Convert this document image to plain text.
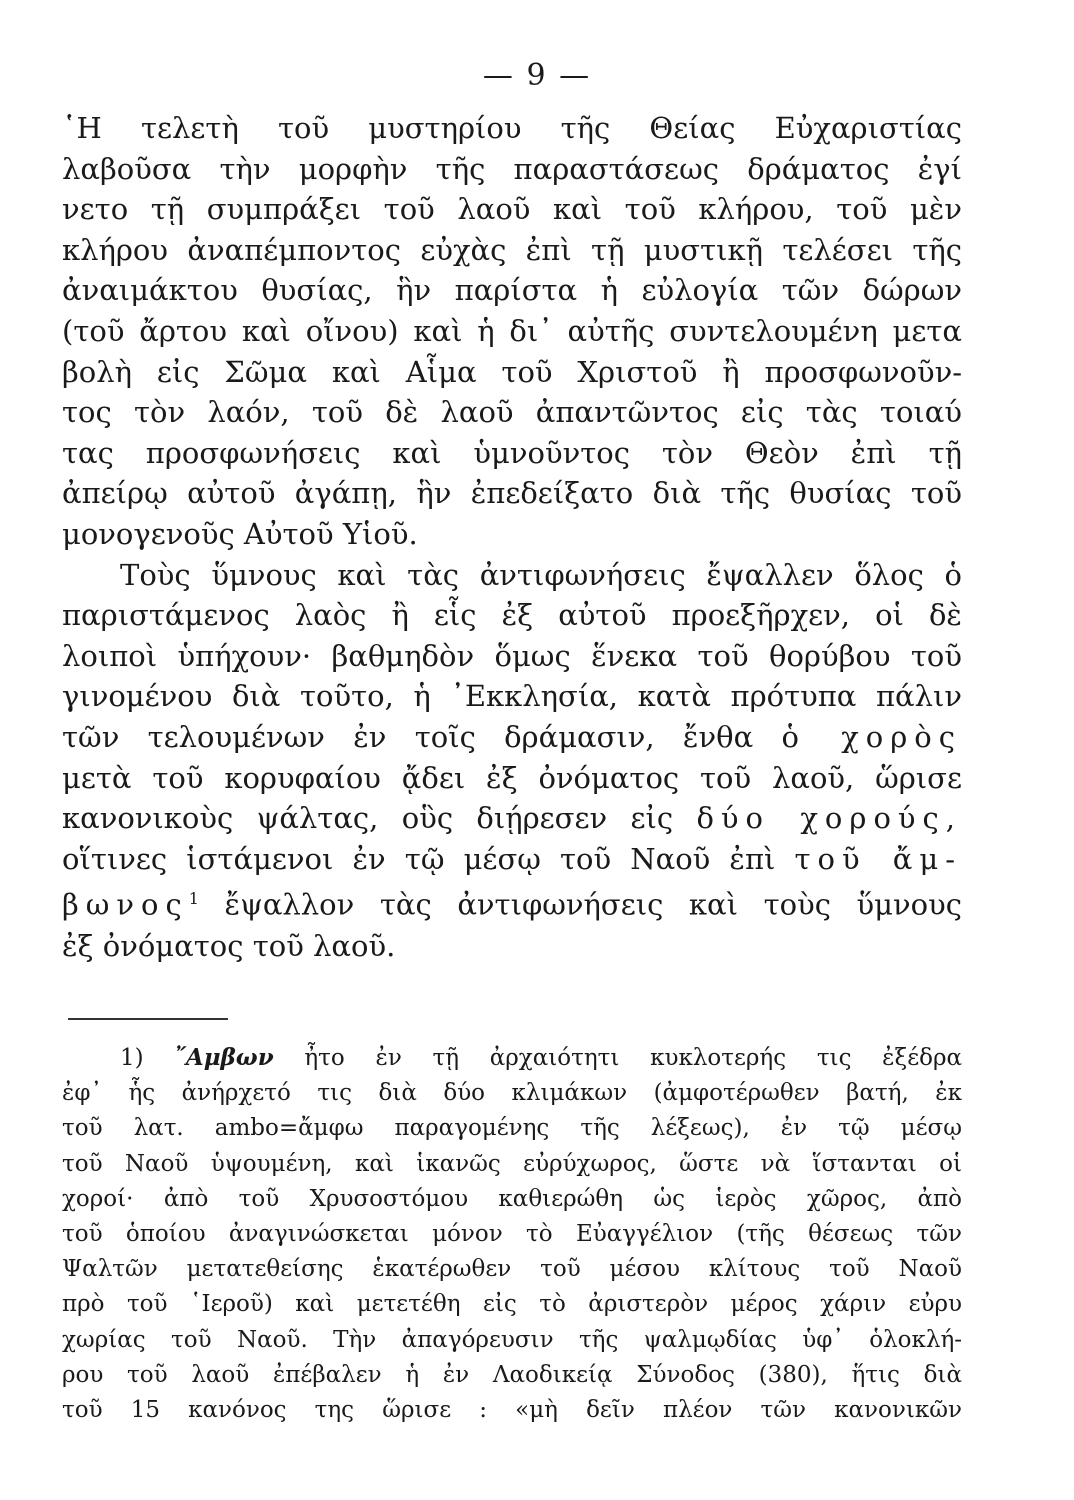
— 9 —
῾Η τελετὴ τοῦ μυστηρίου τῆς Θείας Εὐχαριστίας
λαβοῦσα τὴν μορφὴν τῆς παραστάσεως δράματος ἐγί
νετο τῇ συμπράξει τοῦ λαοῦ καὶ τοῦ κλήρου, τοῦ μὲν
κλήρου ἀναπέμποντος εὐχὰς ἐπὶ τῇ μυστικῇ τελέσει τῆς
ἀναιμάκτου θυσίας, ἣν παρίστα ἡ εὐλογία τῶν δώρων
(τοῦ ἄρτου καὶ οἴνου) καὶ ἡ δι᾽ αὐτῆς συντελουμένη μετα
βολὴ εἰς Σῶμα καὶ Αἷμα τοῦ Χριστοῦ ἢ προσφωνοῦν-
τος τὸν λαόν, τοῦ δὲ λαοῦ ἀπαντῶντος εἰς τὰς τοιαύ
τας προσφωνήσεις καὶ ὑμνοῦντος τὸν Θεὸν ἐπὶ τῇ
ἀπείρῳ αὐτοῦ ἀγάπῃ, ἣν ἐπεδείξατο διὰ τῆς θυσίας τοῦ
μονογενοῦς Αὐτοῦ Υἱοῦ.
Τοὺς ὕμνους καὶ τὰς ἀντιφωνήσεις ἔψαλλεν ὅλος ὁ
παριστάμενος λαὸς ἢ εἷς ἐξ αὐτοῦ προεξῆρχεν, οἱ δὲ
λοιποὶ ὑπήχουν· βαθμηδὸν ὅμως ἕνεκα τοῦ θορύβου τοῦ
γινομένου διὰ τοῦτο, ἡ ᾿Εκκλησία, κατὰ πρότυπα πάλιν
τῶν τελουμένων ἐν τοῖς δράμασιν, ἔνθα ὁ χορὸς
μετὰ τοῦ κορυφαίου ᾄδει ἐξ ὀνόματος τοῦ λαοῦ, ὥρισε
κανονικοὺς ψάλτας, οὓς διῄρεσεν εἰς δύο χορούς,
οἵτινες ἱστάμενοι ἐν τῷ μέσῳ τοῦ Ναοῦ ἐπὶ τοῦ ἄμ-
βωνος$^1$ ἔψαλλον τὰς ἀντιφωνήσεις καὶ τοὺς ὕμνους
ἐξ ὀνόματος τοῦ λαοῦ.
1) ῎Αμβων ἦτο ἐν τῇ ἀρχαιότητι κυκλοτερής τις ἐξέδρα
ἐφ᾽ ἧς ἀνήρχετό τις διὰ δύο κλιμάκων (ἀμφοτέρωθεν βατή, ἐκ
τοῦ λατ. ambo=ἄμφω παραγομένης τῆς λέξεως), ἐν τῷ μέσῳ
τοῦ Ναοῦ ὑψουμένη, καὶ ἱκανῶς εὐρύχωρος, ὥστε νὰ ἵστανται οἱ
χοροί· ἀπὸ τοῦ Χρυσοστόμου καθιερώθη ὡς ἱερὸς χῶρος, ἀπὸ
τοῦ ὁποίου ἀναγινώσκεται μόνον τὸ Εὐαγγέλιον (τῆς θέσεως τῶν
Ψαλτῶν μετατεθείσης ἑκατέρωθεν τοῦ μέσου κλίτους τοῦ Ναοῦ
πρὸ τοῦ ῾Ιεροῦ) καὶ μετετέθη εἰς τὸ ἀριστερὸν μέρος χάριν εὐρυ
χωρίας τοῦ Ναοῦ. Τὴν ἀπαγόρευσιν τῆς ψαλμῳδίας ὑφ᾽ ὁλοκλή-
ρου τοῦ λαοῦ ἐπέβαλεν ἡ ἐν Λαοδικείᾳ Σύνοδος (380), ἥτις διὰ
τοῦ 15 κανόνος της ὥρισε : «μὴ δεῖν πλέον τῶν κανονικῶν
